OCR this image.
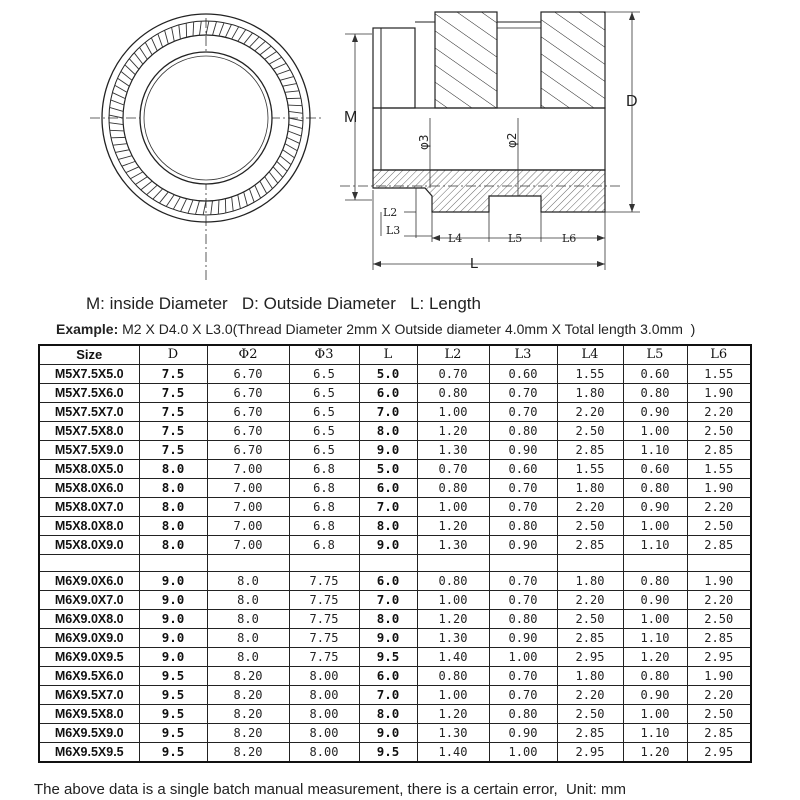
M
D
L
φ3	φ2
L2
L3
L4	L5	L6
M: inside Diameter D: Outside Diameter L: Length
Example: M2 X D4.0 X L3.0(Thread Diameter 2mm X Outside diameter 4.0mm X Total length 3.0mm  )
Size	D	Φ2	Φ3	L	L2	L3	L4	L5	L6
M5X7.5X5.0	7.5	6.70	6.5	5.0	0.70	0.60	1.55	0.60	1.55
M5X7.5X6.0	7.5	6.70	6.5	6.0	0.80	0.70	1.80	0.80	1.90
M5X7.5X7.0	7.5	6.70	6.5	7.0	1.00	0.70	2.20	0.90	2.20
M5X7.5X8.0	7.5	6.70	6.5	8.0	1.20	0.80	2.50	1.00	2.50
M5X7.5X9.0	7.5	6.70	6.5	9.0	1.30	0.90	2.85	1.10	2.85
M5X8.0X5.0	8.0	7.00	6.8	5.0	0.70	0.60	1.55	0.60	1.55
M5X8.0X6.0	8.0	7.00	6.8	6.0	0.80	0.70	1.80	0.80	1.90
M5X8.0X7.0	8.0	7.00	6.8	7.0	1.00	0.70	2.20	0.90	2.20
M5X8.0X8.0	8.0	7.00	6.8	8.0	1.20	0.80	2.50	1.00	2.50
M5X8.0X9.0	8.0	7.00	6.8	9.0	1.30	0.90	2.85	1.10	2.85

M6X9.0X6.0	9.0	8.0	7.75	6.0	0.80	0.70	1.80	0.80	1.90
M6X9.0X7.0	9.0	8.0	7.75	7.0	1.00	0.70	2.20	0.90	2.20
M6X9.0X8.0	9.0	8.0	7.75	8.0	1.20	0.80	2.50	1.00	2.50
M6X9.0X9.0	9.0	8.0	7.75	9.0	1.30	0.90	2.85	1.10	2.85
M6X9.0X9.5	9.0	8.0	7.75	9.5	1.40	1.00	2.95	1.20	2.95
M6X9.5X6.0	9.5	8.20	8.00	6.0	0.80	0.70	1.80	0.80	1.90
M6X9.5X7.0	9.5	8.20	8.00	7.0	1.00	0.70	2.20	0.90	2.20
M6X9.5X8.0	9.5	8.20	8.00	8.0	1.20	0.80	2.50	1.00	2.50
M6X9.5X9.0	9.5	8.20	8.00	9.0	1.30	0.90	2.85	1.10	2.85
M6X9.5X9.5	9.5	8.20	8.00	9.5	1.40	1.00	2.95	1.20	2.95
The above data is a single batch manual measurement, there is a certain error,  Unit: mm
